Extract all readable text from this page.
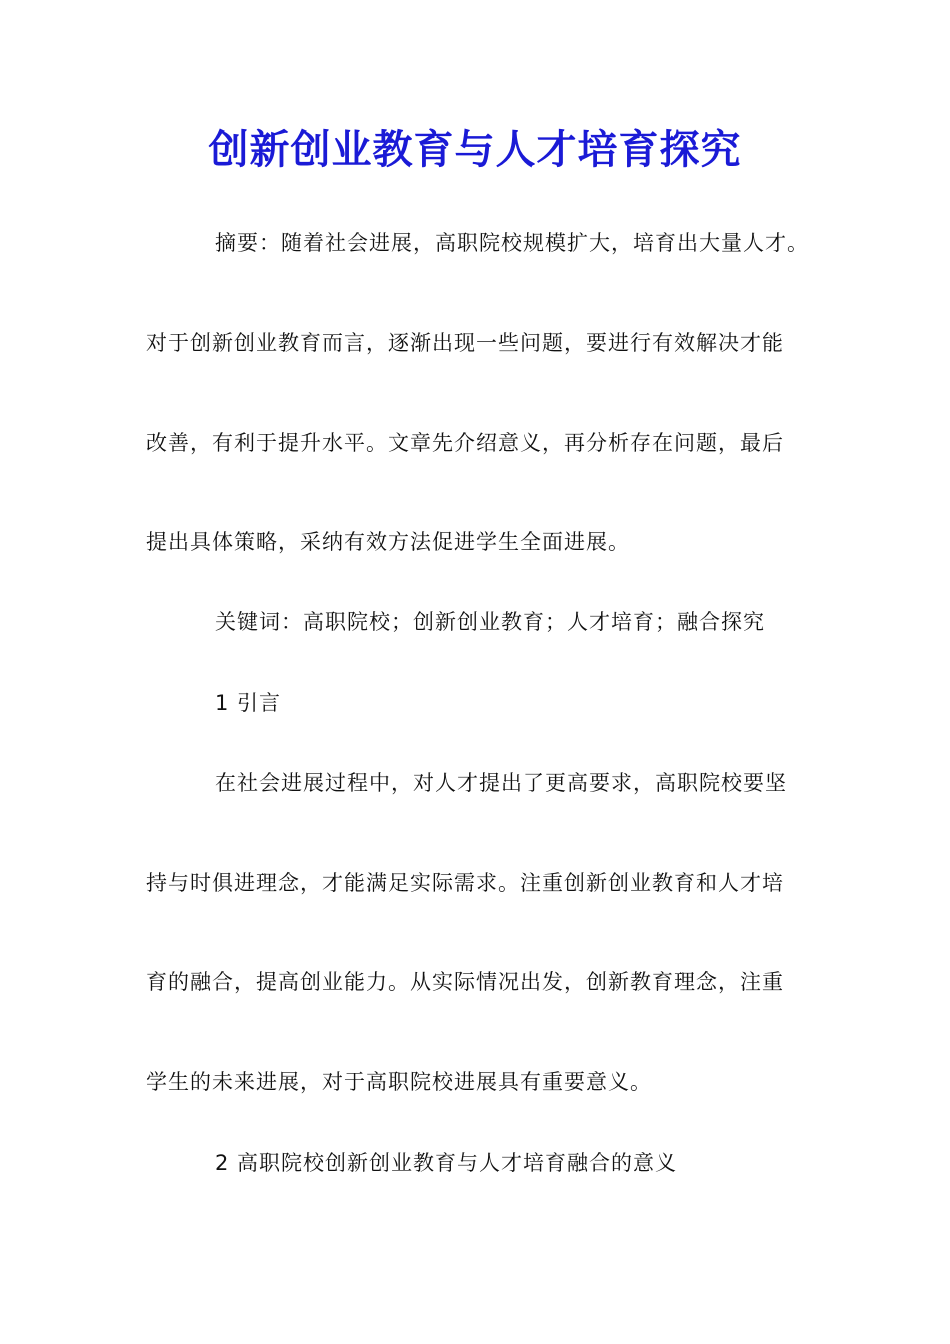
创新创业教育与人才培育探究
摘要：随着社会进展，高职院校规模扩大，培育出大量人才。
对于创新创业教育而言，逐渐出现一些问题，要进行有效解决才能
改善，有利于提升水平。文章先介绍意义，再分析存在问题，最后
提出具体策略，采纳有效方法促进学生全面进展。
关键词：高职院校；创新创业教育；人才培育；融合探究
1 引言
在社会进展过程中，对人才提出了更高要求，高职院校要坚
持与时俱进理念，才能满足实际需求。注重创新创业教育和人才培
育的融合，提高创业能力。从实际情况出发，创新教育理念，注重
学生的未来进展，对于高职院校进展具有重要意义。
2 高职院校创新创业教育与人才培育融合的意义
